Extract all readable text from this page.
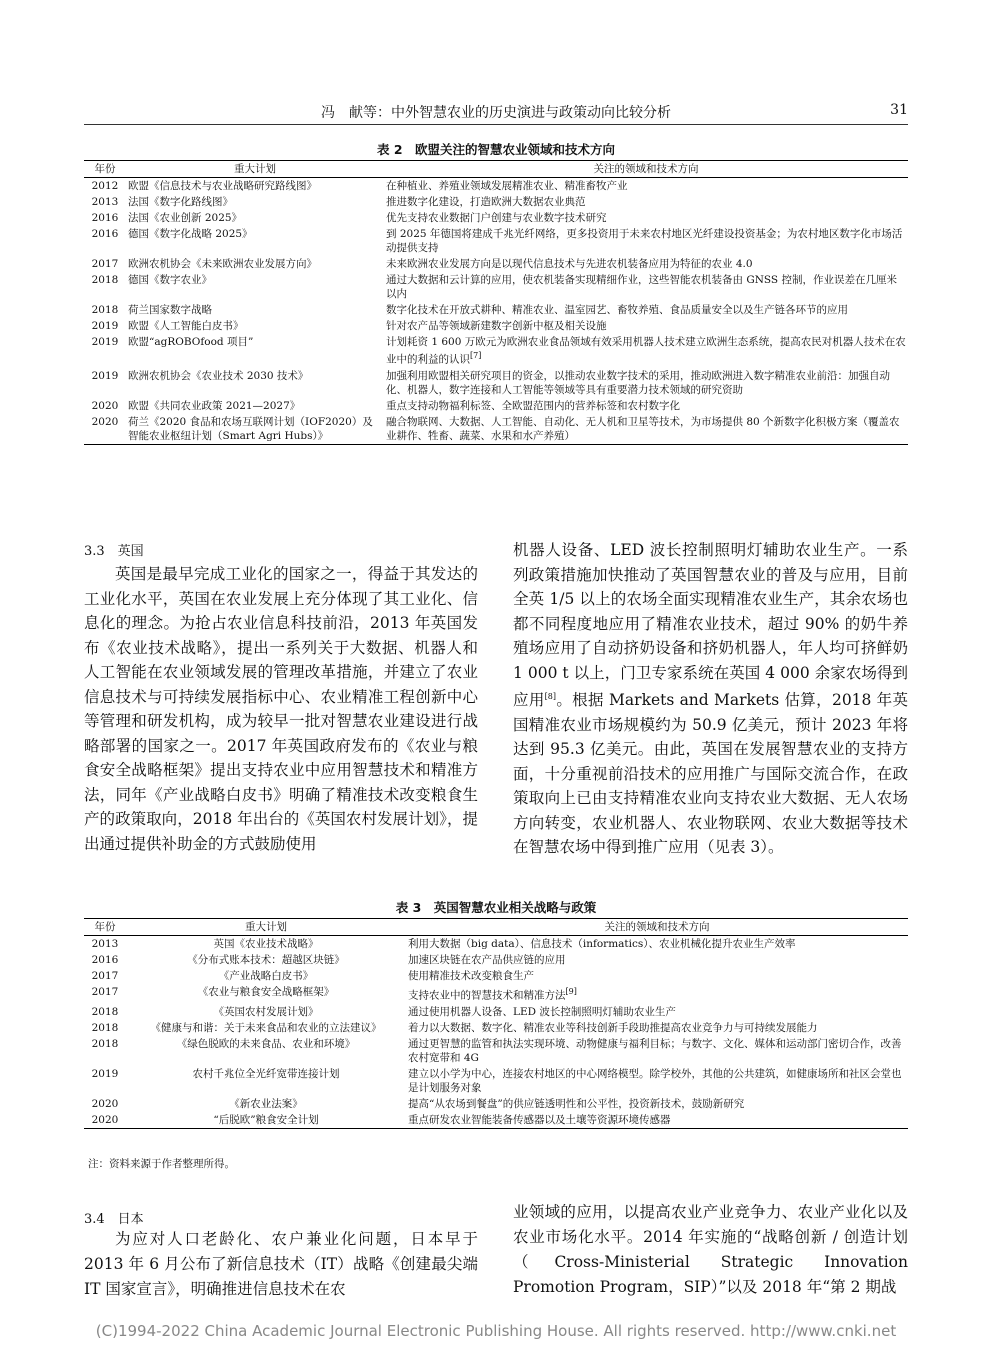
冯　献等：中外智慧农业的历史演进与政策动向比较分析	31
表 2　欧盟关注的智慧农业领域和技术方向
年份	重大计划	关注的领域和技术方向
2012	欧盟《信息技术与农业战略研究路线图》	在种植业、养殖业领域发展精准农业、精准畜牧产业
2013	法国《数字化路线图》	推进数字化建设，打造欧洲大数据农业典范
2016	法国《农业创新 2025》	优先支持农业数据门户创建与农业数字技术研究
2016	德国《数字化战略 2025》	到 2025 年德国将建成千兆光纤网络，更多投资用于未来农村地区光纤建设投资基金；为农村地区数字化市场活动提供支持
2017	欧洲农机协会《未来欧洲农业发展方向》	未来欧洲农业发展方向是以现代信息技术与先进农机装备应用为特征的农业 4.0
2018	德国《数字农业》	通过大数据和云计算的应用，使农机装备实现精细作业，这些智能农机装备由 GNSS 控制，作业误差在几厘米以内
2018	荷兰国家数字战略	数字化技术在开放式耕种、精准农业、温室园艺、畜牧养殖、食品质量安全以及生产链各环节的应用
2019	欧盟《人工智能白皮书》	针对农产品等领域新建数字创新中枢及相关设施
2019	欧盟“agROBOfood 项目”	计划耗资 1 600 万欧元为欧洲农业食品领域有效采用机器人技术建立欧洲生态系统，提高农民对机器人技术在农业中的利益的认识[7]
2019	欧洲农机协会《农业技术 2030 技术》	加强利用欧盟相关研究项目的资金，以推动农业数字技术的采用，推动欧洲进入数字精准农业前沿：加强自动化、机器人，数字连接和人工智能等领域等具有重要潜力技术领域的研究资助
2020	欧盟《共同农业政策 2021—2027》	重点支持动物福利标签、全欧盟范围内的营养标签和农村数字化
2020	荷兰《2020 食品和农场互联网计划（IOF2020）及智能农业枢纽计划（Smart Agri Hubs）》	融合物联网、大数据、人工智能、自动化、无人机和卫星等技术，为市场提供 80 个新数字化积极方案（覆盖农业耕作、牲畜、蔬菜、水果和水产养殖）
3.3　英国

英国是最早完成工业化的国家之一，得益于其发达的工业化水平，英国在农业发展上充分体现了其工业化、信息化的理念。为抢占农业信息科技前沿，2013 年英国发布《农业技术战略》，提出一系列关于大数据、机器人和人工智能在农业领域发展的管理改革措施，并建立了农业信息技术与可持续发展指标中心、农业精准工程创新中心等管理和研发机构，成为较早一批对智慧农业建设进行战略部署的国家之一。2017 年英国政府发布的《农业与粮食安全战略框架》提出支持农业中应用智慧技术和精准方法，同年《产业战略白皮书》明确了精准技术改变粮食生产的政策取向，2018 年出台的《英国农村发展计划》，提出通过提供补助金的方式鼓励使用

机器人设备、LED 波长控制照明灯辅助农业生产。一系列政策措施加快推动了英国智慧农业的普及与应用，目前全英 1/5 以上的农场全面实现精准农业生产，其余农场也都不同程度地应用了精准农业技术，超过 90% 的奶牛养殖场应用了自动挤奶设备和挤奶机器人，年人均可挤鲜奶 1 000 t 以上，门卫专家系统在英国 4 000 余家农场得到应用[8]。根据 Markets and Markets 估算，2018 年英国精准农业市场规模约为 50.9 亿美元，预计 2023 年将达到 95.3 亿美元。由此，英国在发展智慧农业的支持方面，十分重视前沿技术的应用推广与国际交流合作，在政策取向上已由支持精准农业向支持农业大数据、无人农场方向转变，农业机器人、农业物联网、农业大数据等技术在智慧农场中得到推广应用（见表 3）。

表 3　英国智慧农业相关战略与政策
年份	重大计划	关注的领域和技术方向
2013	英国《农业技术战略》	利用大数据（big data）、信息技术（informatics）、农业机械化提升农业生产效率
2016	《分布式账本技术：超越区块链》	加速区块链在农产品供应链的应用
2017	《产业战略白皮书》	使用精准技术改变粮食生产
2017	《农业与粮食安全战略框架》	支持农业中的智慧技术和精准方法[9]
2018	《英国农村发展计划》	通过使用机器人设备、LED 波长控制照明灯辅助农业生产
2018	《健康与和谐：关于未来食品和农业的立法建议》	着力以大数据、数字化、精准农业等科技创新手段助推提高农业竞争力与可持续发展能力
2018	《绿色脱欧的未来食品、农业和环境》	通过更智慧的监管和执法实现环境、动物健康与福利目标；与数字、文化、媒体和运动部门密切合作，改善农村宽带和 4G
2019	农村千兆位全光纤宽带连接计划	建立以小学为中心，连接农村地区的中心网络模型。除学校外，其他的公共建筑，如健康场所和社区会堂也是计划服务对象
2020	《新农业法案》	提高“从农场到餐盘”的供应链透明性和公平性，投资新技术，鼓励新研究
2020	“后脱欧”粮食安全计划	重点研发农业智能装备传感器以及土壤等资源环境传感器
注：资料来源于作者整理所得。
3.4　日本

为应对人口老龄化、农户兼业化问题，日本早于 2013 年 6 月公布了新信息技术（IT）战略《创建最尖端 IT 国家宣言》，明确推进信息技术在农

业领域的应用，以提高农业产业竞争力、农业产业化以及农业市场化水平。2014 年实施的“战略创新 / 创造计划（Cross-Ministerial Strategic Innovation Promotion Program，SIP）”以及 2018 年“第 2 期战

(C)1994-2022 China Academic Journal Electronic Publishing House. All rights reserved. http://www.cnki.net
